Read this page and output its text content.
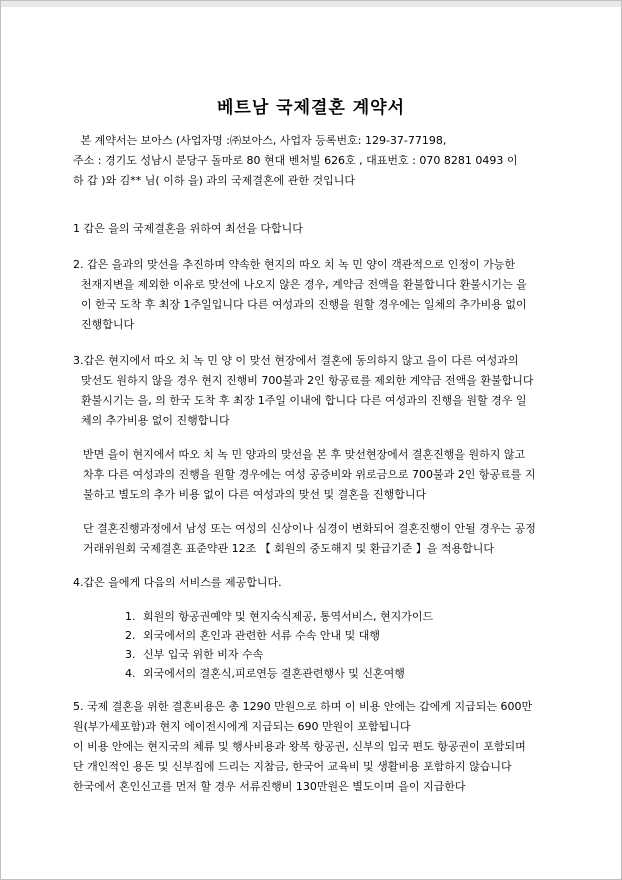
베트남 국제결혼 계약서
본 계약서는 보아스 (사업자명 :㈜보아스, 사업자 등록번호: 129-37-77198,
주소 : 경기도 성남시 분당구 돌마로 80 현대 벤처빌 626호 , 대표번호 : 070 8281 0493 이
하 갑 )와 김** 님( 이하 을) 과의 국제결혼에 관한 것입니다
1 갑은 을의 국제결혼을 위하여 최선을 다합니다
2. 갑은 을과의 맞선을 추진하며 약속한 현지의 따오 치 녹 민 양이 객관적으로 인정이 가능한
천재지변을 제외한 이유로 맞선에 나오지 않은 경우, 계약금 전액을 환불합니다 환불시기는 을
이 한국 도착 후 최장 1주일입니다 다른 여성과의 진행을 원할 경우에는 일체의 추가비용 없이
진행합니다
3.갑은 현지에서 따오 치 녹 민 양 이 맞선 현장에서 결혼에 동의하지 않고 을이 다른 여성과의
맞선도 원하지 않을 경우 현지 진행비 700불과 2인 항공료를 제외한 계약금 전액을 환불합니다
환불시기는 을, 의 한국 도착 후 최장 1주일 이내에 합니다 다른 여성과의 진행을 원할 경우 일
체의 추가비용 없이 진행합니다
반면 을이 현지에서 따오 치 녹 민 양과의 맞선을 본 후 맞선현장에서 결혼진행을 원하지 않고
차후 다른 여성과의 진행을 원할 경우에는 여성 공증비와 위로금으로 700불과 2인 항공료를 지
불하고 별도의 추가 비용 없이 다른 여성과의 맞선 및 결혼을 진행합니다
단 결혼진행과정에서 남성 또는 여성의 신상이나 심경이 변화되어 결혼진행이 안될 경우는 공정
거래위원회 국제결혼 표준약관 12조 【 회원의 중도해지 및 환급기준 】을 적용합니다
4.갑은 을에게 다음의 서비스를 제공합니다.
1. 회원의 항공권예약 및 현지숙식제공, 통역서비스, 현지가이드
2. 외국에서의 혼인과 관련한 서류 수속 안내 및 대행
3. 신부 입국 위한 비자 수속
4. 외국에서의 결혼식,피로연등 결혼관련행사 및 신혼여행
5. 국제 결혼을 위한 결혼비용은 총 1290 만원으로 하며 이 비용 안에는 갑에게 지급되는 600만
원(부가세포함)과 현지 에이전시에게 지급되는 690 만원이 포함됩니다
이 비용 안에는 현지국의 체류 및 행사비용과 왕복 항공권, 신부의 입국 편도 항공권이 포함되며
단 개인적인 용돈 및 신부집에 드리는 지참금, 한국어 교육비 및 생활비용 포함하지 않습니다
한국에서 혼인신고를 먼저 할 경우 서류진행비 130만원은 별도이며 을이 지급한다
